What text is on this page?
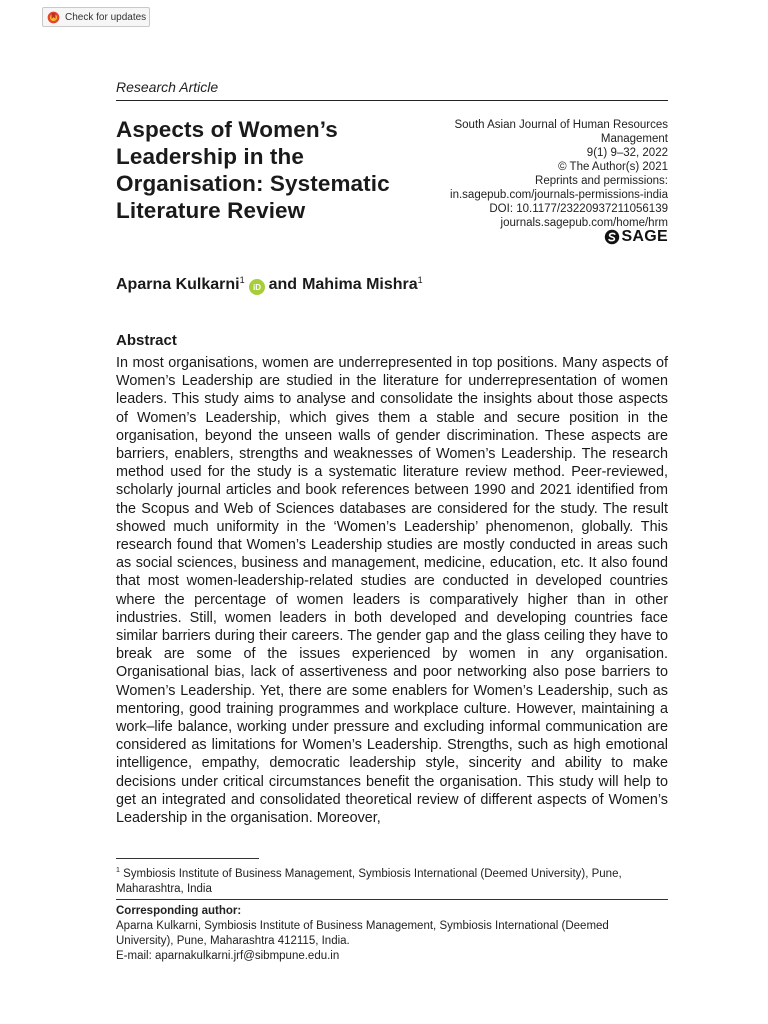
Check for updates
Research Article
Aspects of Women’s Leadership in the Organisation: Systematic Literature Review
South Asian Journal of Human Resources Management
9(1) 9–32, 2022
© The Author(s) 2021
Reprints and permissions:
in.sagepub.com/journals-permissions-india
DOI: 10.1177/23220937211056139
journals.sagepub.com/home/hrm
SAGE
Aparna Kulkarni$^1$
iD and Mahima Mishra$^1$
Abstract

In most organisations, women are underrepresented in top positions. Many aspects of Women’s Leadership are studied in the literature for underrepresentation of women leaders. This study aims to analyse and consolidate the insights about those aspects of Women’s Leadership, which gives them a stable and secure position in the organisation, beyond the unseen walls of gender discrimination. These aspects are barriers, enablers, strengths and weaknesses of Women’s Leadership. The research method used for the study is a systematic literature review method. Peer-reviewed, scholarly journal articles and book references between 1990 and 2021 identified from the Scopus and Web of Sciences databases are considered for the study. The result showed much uniformity in the ‘Women’s Leadership’ phenomenon, globally. This research found that Women’s Leadership studies are mostly conducted in areas such as social sciences, business and management, medicine, education, etc. It also found that most women-leadership-related studies are conducted in developed countries where the percentage of women leaders is comparatively higher than in other industries. Still, women leaders in both developed and developing countries face similar barriers during their careers. The gender gap and the glass ceiling they have to break are some of the issues experienced by women in any organisation. Organisational bias, lack of assertiveness and poor networking also pose barriers to Women’s Leadership. Yet, there are some enablers for Women’s Leadership, such as mentoring, good training programmes and workplace culture. However, maintaining a work–life balance, working under pressure and excluding informal communication are considered as limitations for Women’s Leadership. Strengths, such as high emotional intelligence, empathy, democratic leadership style, sincerity and ability to make decisions under critical circumstances benefit the organisation. This study will help to get an integrated and consolidated theoretical review of different aspects of Women’s Leadership in the organisation. Moreover,

$^1$ Symbiosis Institute of Business Management, Symbiosis International (Deemed University), Pune, Maharashtra, India
Corresponding author:
Aparna Kulkarni, Symbiosis Institute of Business Management, Symbiosis International (Deemed University), Pune, Maharashtra 412115, India.
E-mail: aparnakulkarni.jrf@sibmpune.edu.in
